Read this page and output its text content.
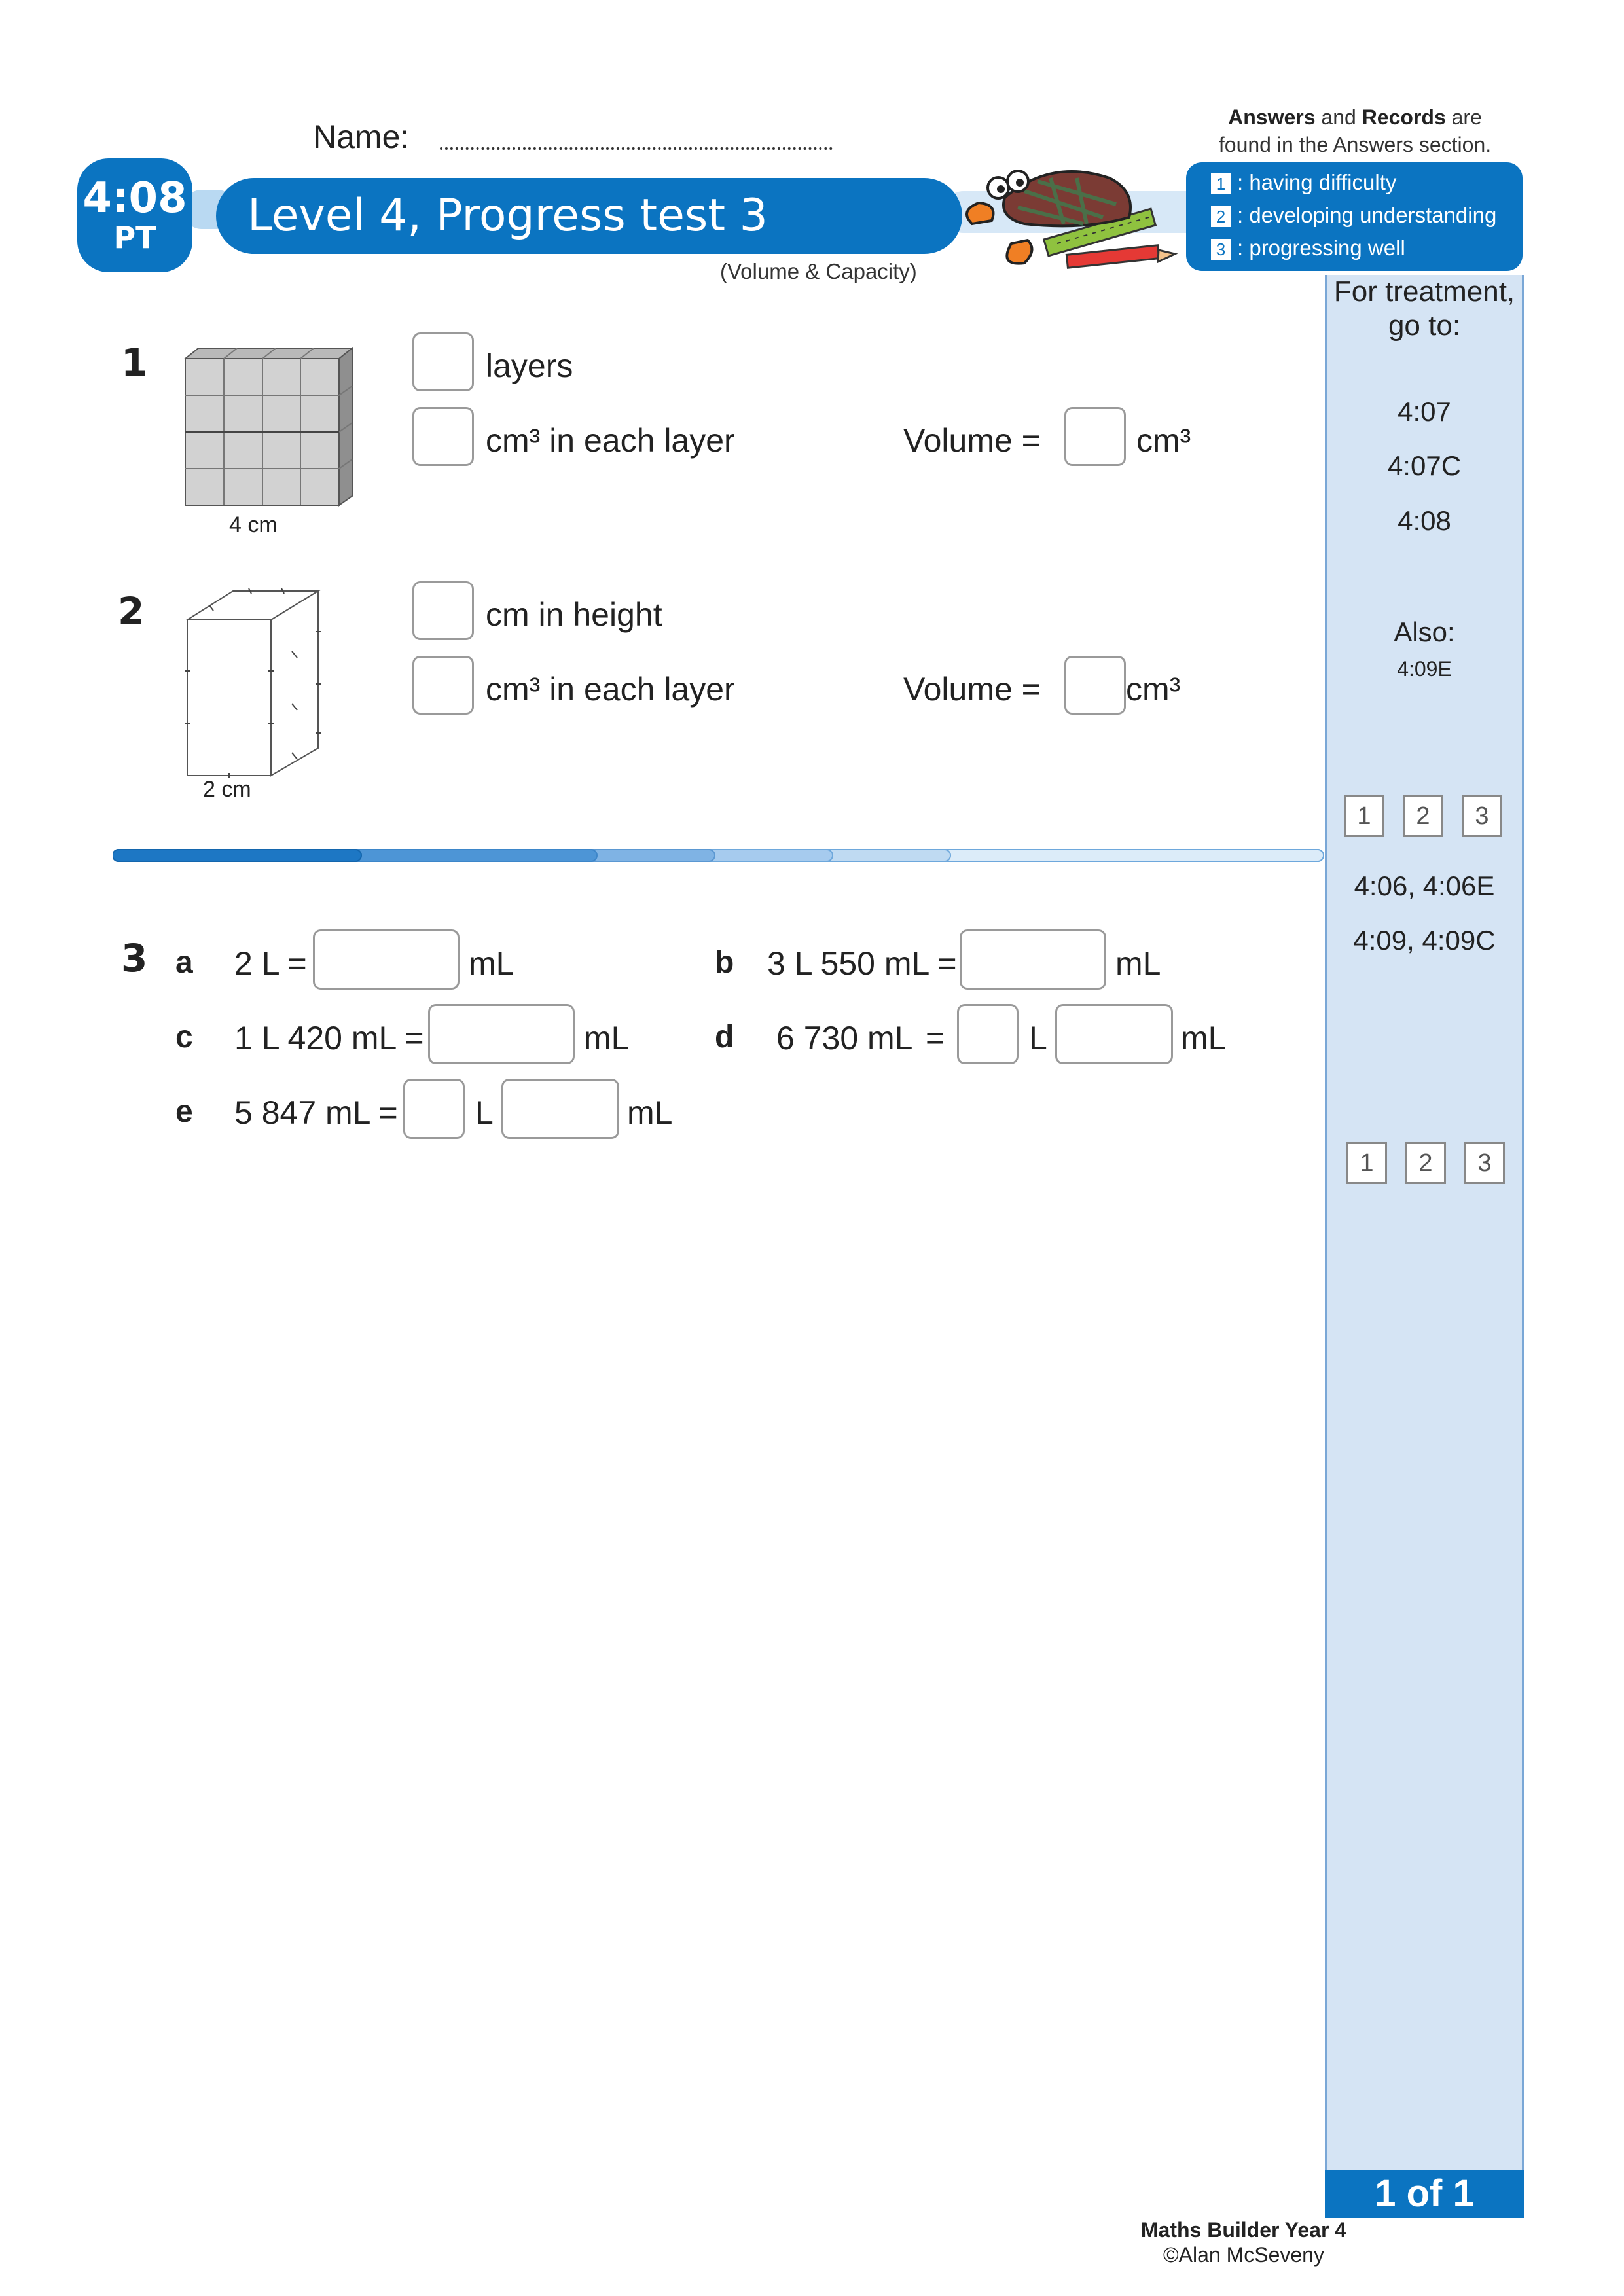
Name:
Answers and Records are
found in the Answers section.
4:08
PT	Level 4, Progress test 3
(Volume & Capacity)
1 : having difficulty
2 : developing understanding
3 : progressing well
For treatment,
go to:
4:07
4:07C
4:08
Also:
4:09E
1	2	3
4:06, 4:06E
4:09, 4:09C
1	2	3
1 of 1
Maths Builder Year 4
©Alan McSeveny
1
4 cm
layers
cm³ in each layer	Volume =	cm³
2
2 cm
cm in height
cm³ in each layer	Volume =	cm³
3 a 2 L =	mL	b 3 L 550 mL =	mL
c 1 L 420 mL =	mL	d 6 730 mL =	L	mL
e 5 847 mL = L	mL
